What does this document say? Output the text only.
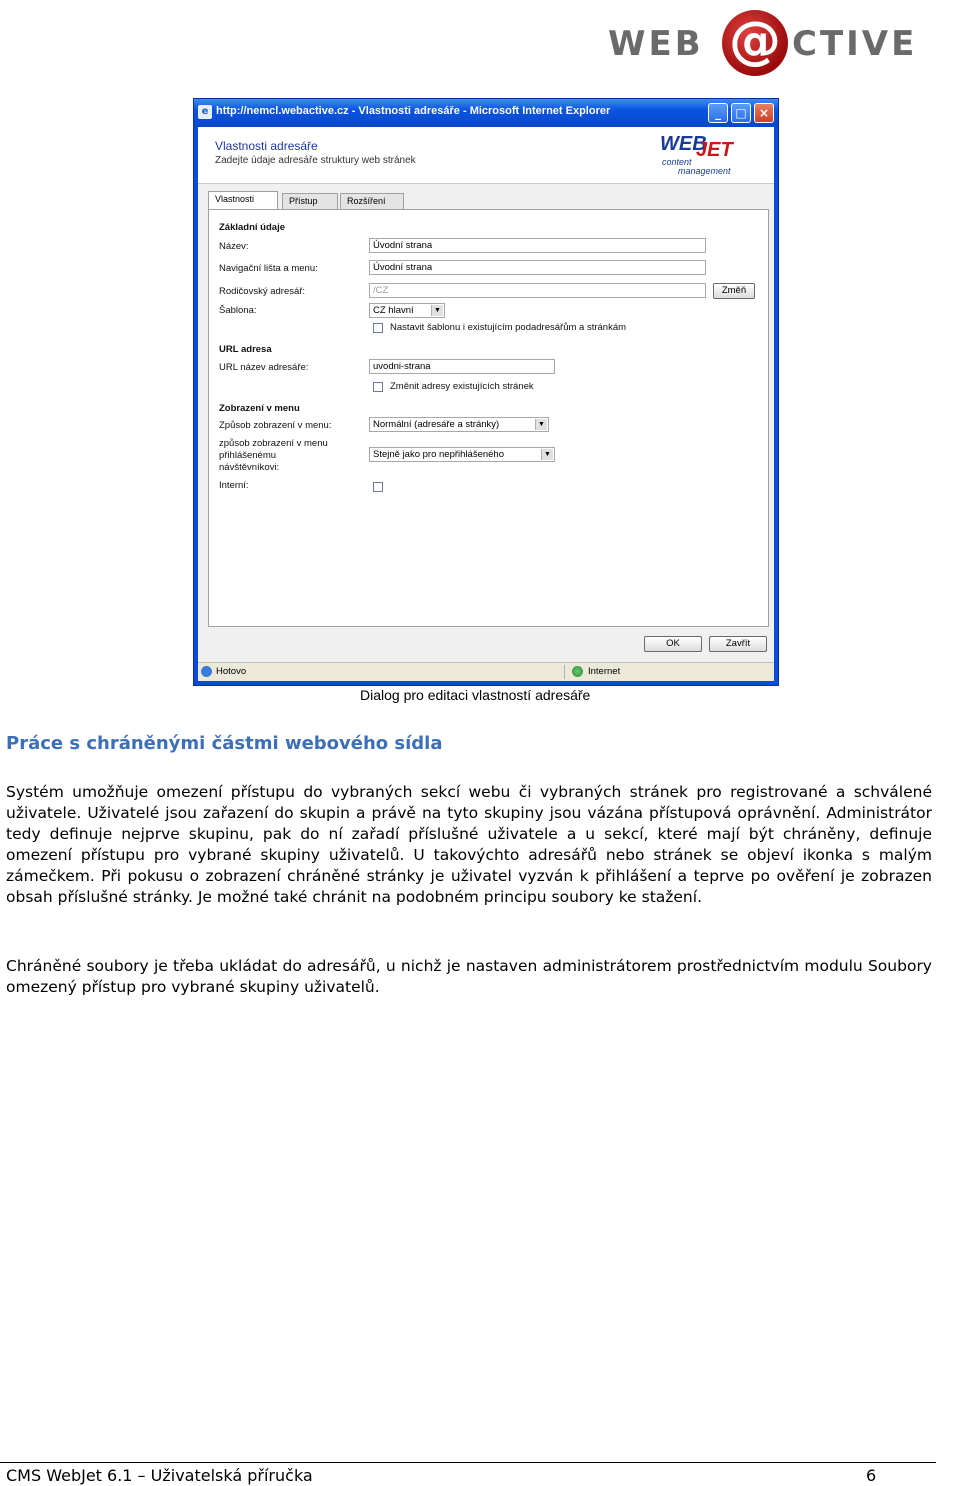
WEB @ CTIVE
e http://nemcl.webactive.cz - Vlastnosti adresáře - Microsoft Internet Explorer	_	□	×
Vlastnosti adresáře
Zadejte údaje adresáře struktury web stránek
WEB
JET
content
management
Vlastnosti	Přístup	Rozšíření
Základní údaje
Název:	Úvodní strana
Navigační lišta a menu:	Úvodní strana
Rodičovský adresář:	/CZ	Změň
Šablona:	CZ hlavní	▼
Nastavit šablonu i existujícím podadresářům a stránkám
URL adresa
URL název adresáře:	uvodni-strana
Změnit adresy existujících stránek
Zobrazení v menu
Způsob zobrazení v menu:	Normální (adresáře a stránky)	▼
způsob zobrazení v menu
přihlášenému
návštěvníkovi:
Stejně jako pro nepřihlášeného	▼
Interní:
OK	Zavřít
Hotovo	Internet
Dialog pro editaci vlastností adresáře
Práce s chráněnými částmi webového sídla
Systém umožňuje omezení přístupu do vybraných sekcí webu či vybraných stránek pro registrované a schválené uživatele. Uživatelé jsou zařazení do skupin a právě na tyto skupiny jsou vázána přístupová oprávnění. Administrátor tedy definuje nejprve skupinu, pak do ní zařadí příslušné uživatele a u sekcí, které mají být chráněny, definuje omezení přístupu pro vybrané skupiny uživatelů. U takovýchto adresářů nebo stránek se objeví ikonka s malým zámečkem. Při pokusu o zobrazení chráněné stránky je uživatel vyzván k přihlášení a teprve po ověření je zobrazen obsah příslušné stránky. Je možné také chránit na podobném principu soubory ke stažení.
Chráněné soubory je třeba ukládat do adresářů, u nichž je nastaven administrátorem prostřednictvím modulu Soubory omezený přístup pro vybrané skupiny uživatelů.
CMS WebJet 6.1 – Uživatelská příručka	6
